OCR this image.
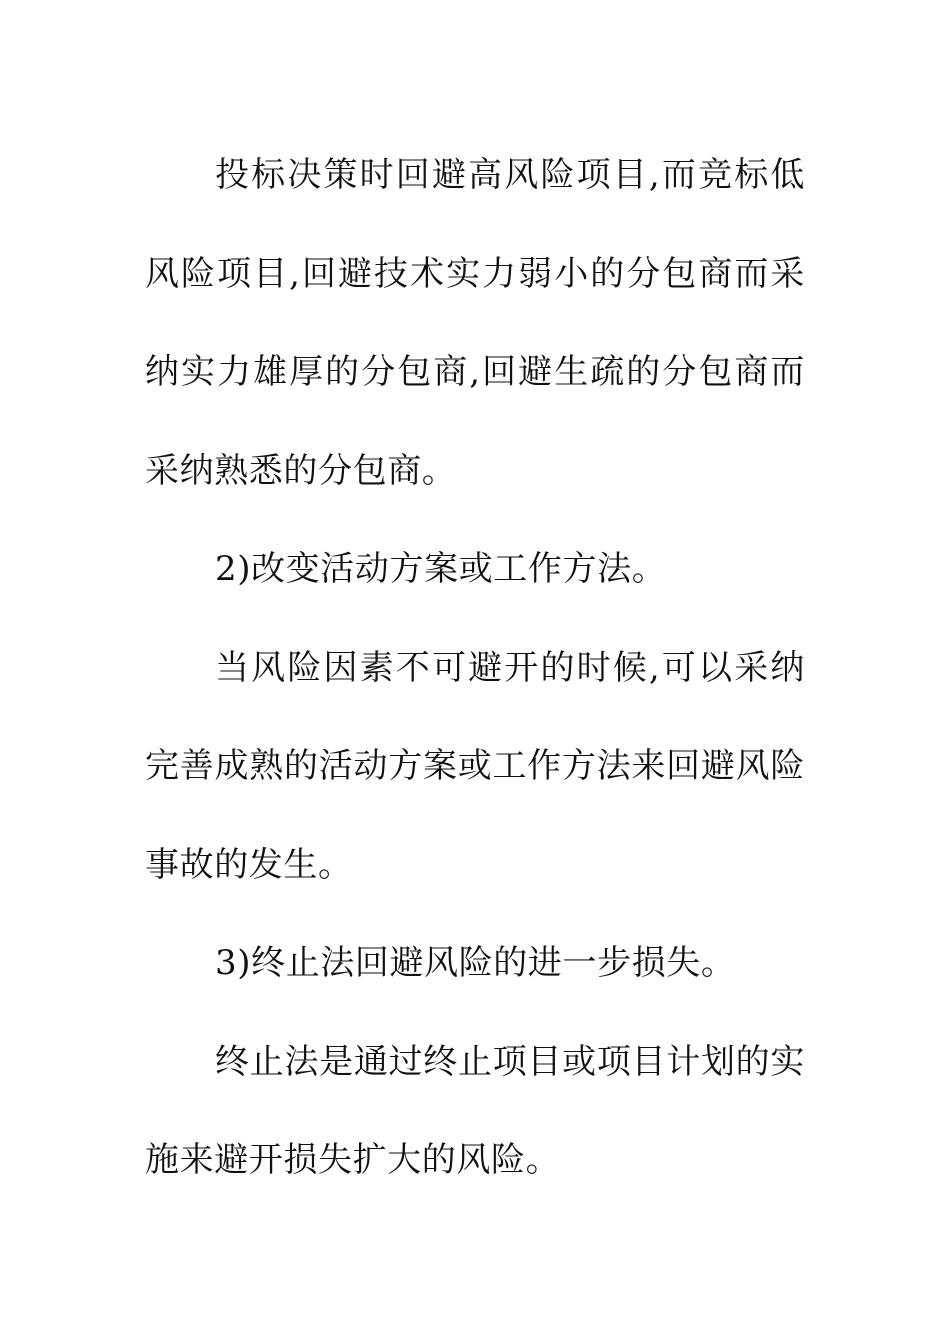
投标决策时回避高风险项目,而竞标低风险项目,回避技术实力弱小的分包商而采纳实力雄厚的分包商,回避生疏的分包商而采纳熟悉的分包商。

2)改变活动方案或工作方法。

当风险因素不可避开的时候,可以采纳完善成熟的活动方案或工作方法来回避风险事故的发生。

3)终止法回避风险的进一步损失。

终止法是通过终止项目或项目计划的实施来避开损失扩大的风险。
